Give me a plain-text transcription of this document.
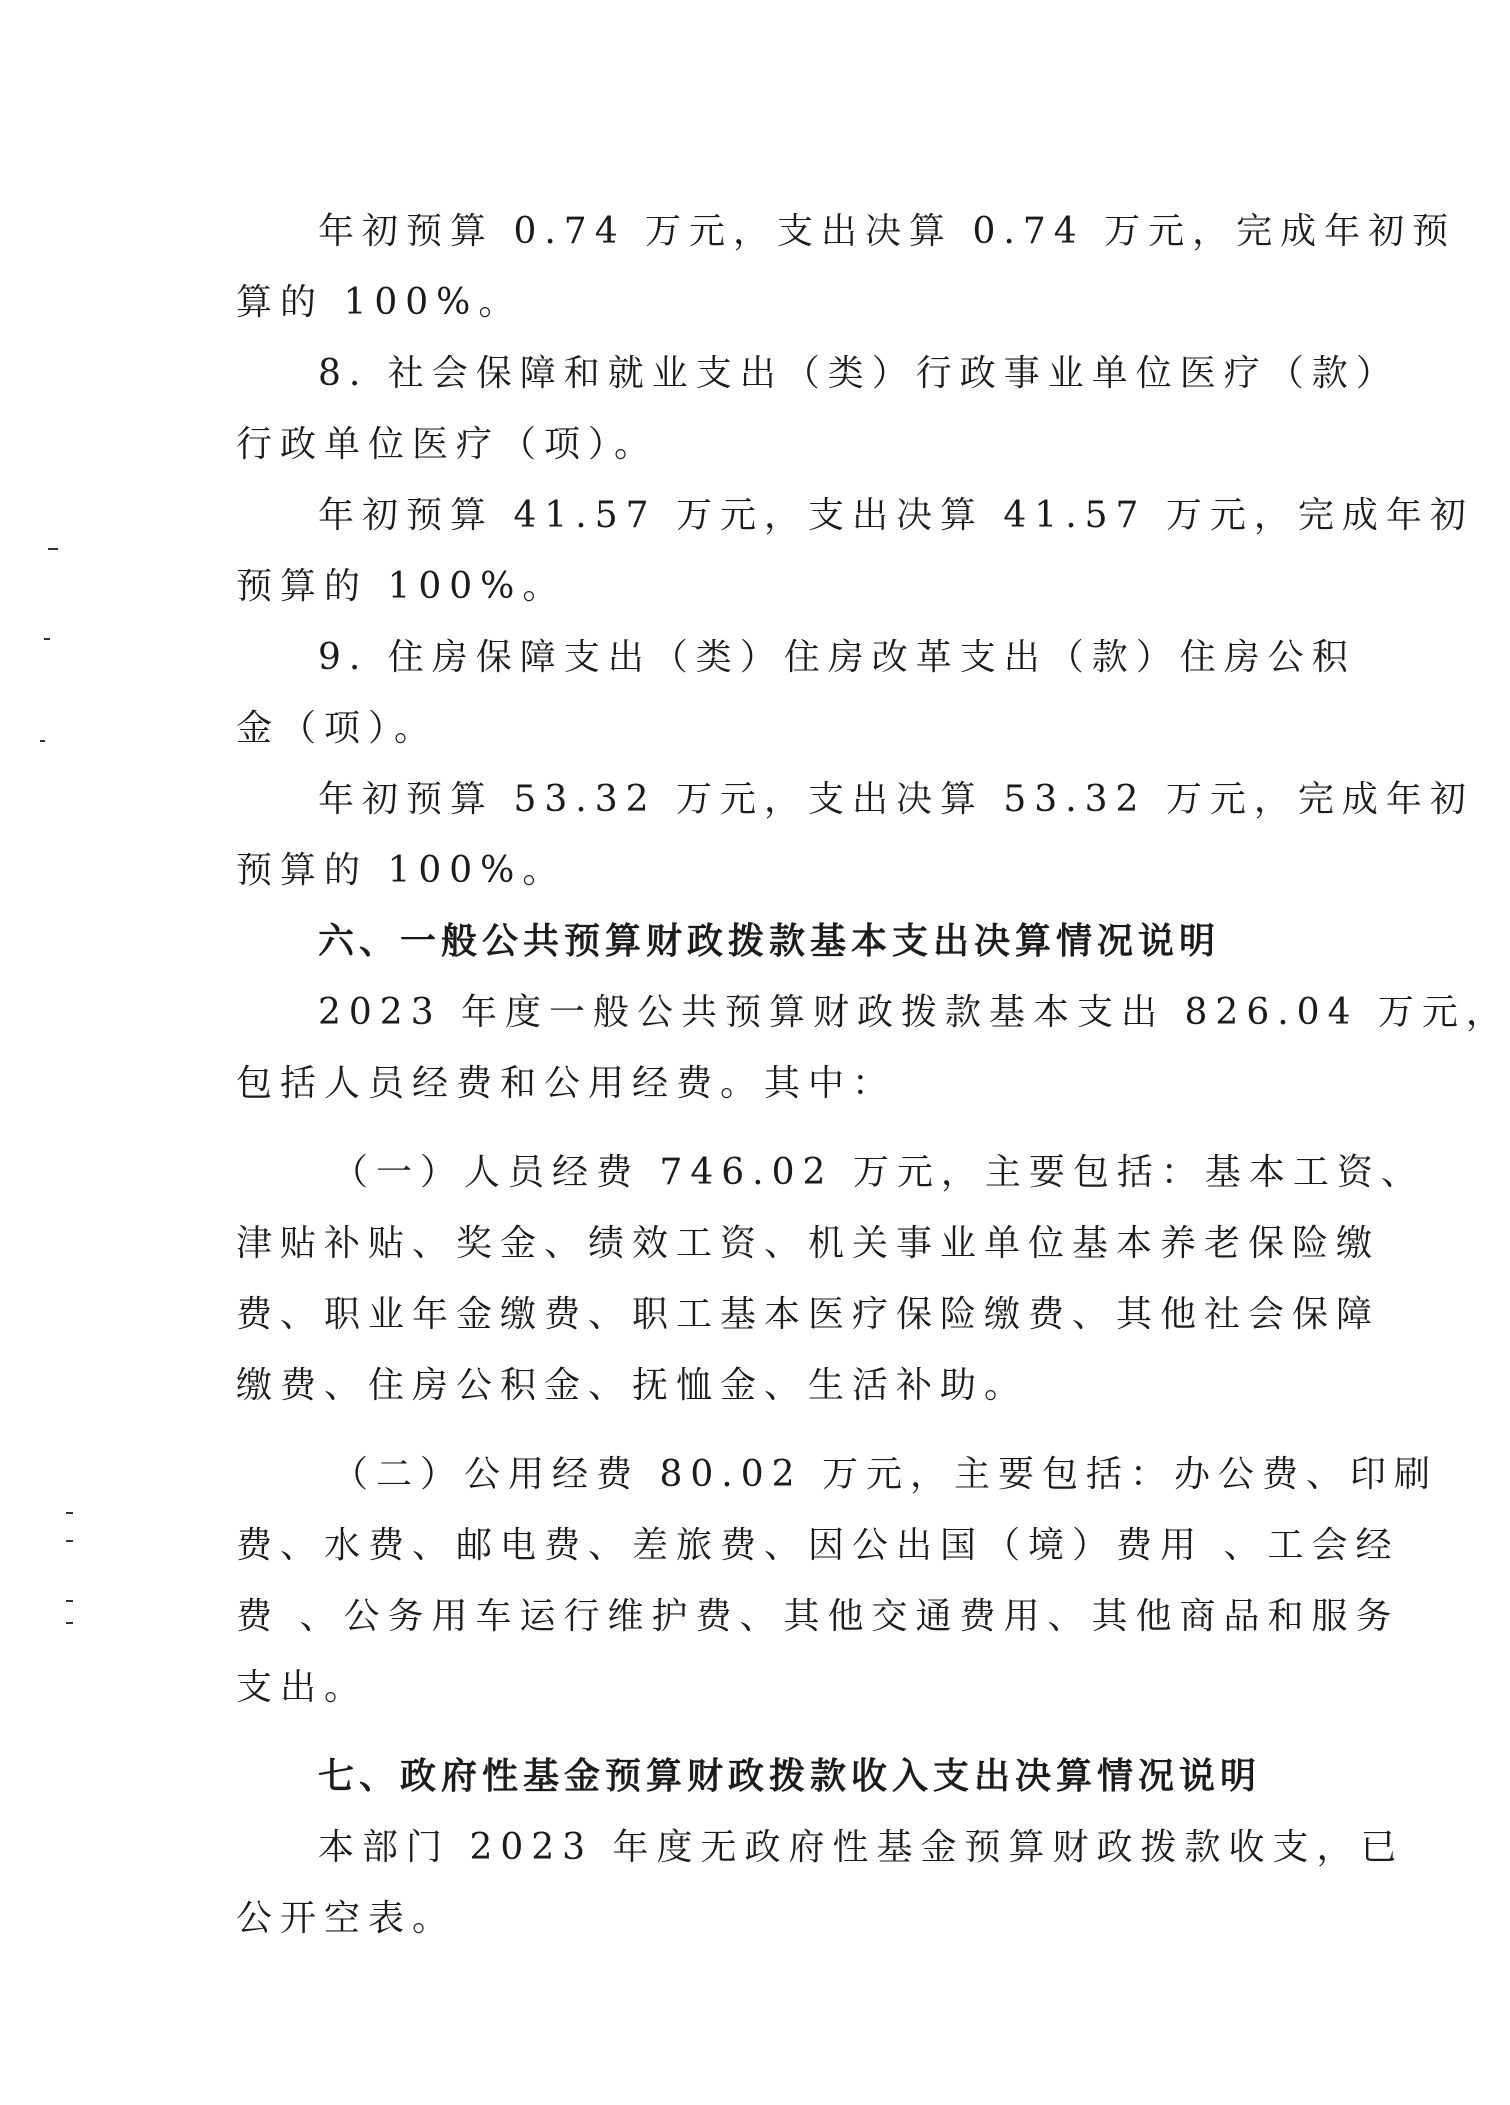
年初预算 0.74 万元，支出决算 0.74 万元，完成年初预
算的 100%。
8. 社会保障和就业支出（类）行政事业单位医疗（款）
行政单位医疗（项）。
年初预算 41.57 万元，支出决算 41.57 万元，完成年初
预算的 100%。
9. 住房保障支出（类）住房改革支出（款）住房公积
金（项）。
年初预算 53.32 万元，支出决算 53.32 万元，完成年初
预算的 100%。
六、一般公共预算财政拨款基本支出决算情况说明
2023 年度一般公共预算财政拨款基本支出 826.04 万元，
包括人员经费和公用经费。其中：
（一）人员经费 746.02 万元，主要包括：基本工资、
津贴补贴、奖金、绩效工资、机关事业单位基本养老保险缴
费、职业年金缴费、职工基本医疗保险缴费、其他社会保障
缴费、住房公积金、抚恤金、生活补助。
（二）公用经费 80.02 万元，主要包括：办公费、印刷
费、水费、邮电费、差旅费、因公出国（境）费用 、工会经
费 、公务用车运行维护费、其他交通费用、其他商品和服务
支出。
七、政府性基金预算财政拨款收入支出决算情况说明
本部门 2023 年度无政府性基金预算财政拨款收支，已
公开空表。
